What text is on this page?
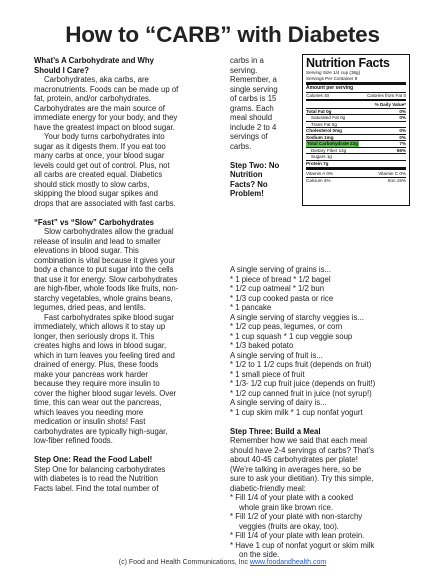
How to “CARB” with Diabetes
What’s A Carbohydrate and Why
Should I Care?
Carbohydrates, aka carbs, are
macronutrients. Foods can be made up of
fat, protein, and/or carbohydrates.
Carbohydrates are the main source of
immediate energy for your body, and they
have the greatest impact on blood sugar.
Your body turns carbohydrates into
sugar as it digests them. If you eat too
many carbs at once, your blood sugar
levels could get out of control. Plus, not
all carbs are created equal. Diabetics
should stick mostly to slow carbs,
skipping the blood sugar spikes and
drops that are associated with fast carbs.
“Fast” vs “Slow” Carbohydrates
Slow carbohydrates allow the gradual
release of insulin and lead to smaller
elevations in blood sugar. This
combination is vital because it gives your
body a chance to put sugar into the cells
that use it for energy. Slow carbohydrates
are high-fiber, whole foods like fruits, non-
starchy vegetables, whole grains beans,
legumes, dried peas, and lentils.
Fast carbohydrates spike blood sugar
immediately, which allows it to stay up
longer, then seriously drops it. This
creates highs and lows in blood sugar,
which in turn leaves you feeling tired and
drained of energy. Plus, these foods
make your pancreas work harder
because they require more insulin to
cover the higher blood sugar levels. Over
time, this can wear out the pancreas,
which leaves you needing more
medication or insulin shots! Fast
carbohydrates are typically high-sugar,
low-fiber refined foods.
Step One: Read the Food Label!
Step One for balancing carbohydrates
with diabetes is to read the Nutrition
Facts label. Find the total number of
carbs in a
serving.
Remember, a
single serving
of carbs is 15
grams. Each
meal should
include 2 to 4
servings of
carbs.
Step Two: No
Nutrition
Facts? No
Problem!
Nutrition Facts
Serving Size 1/4 cup (36g)
Servings Per Container 8
Amount per serving
Calories 40	Calories from Fat 0
% Daily Value*
Total Fat 0g	0%
Saturated Fat 0g	0%
Trans Fat 0g
Cholesterol 0mg	0%
Sodium 1mg	0%
Total Carbohydrate 22g	7%
Dietary Fiber 14g	56%
Sugars 1g
Protein 7g
Vitamin A 0%	Vitamin C 0%
Calcium 4%	Iron 15%
A single serving of grains is...
* 1 piece of bread * 1/2 bagel
* 1/2 cup oatmeal * 1/2 bun
* 1/3 cup cooked pasta or rice
* 1 pancake
A single serving of starchy veggies is...
* 1/2 cup peas, legumes, or corn
* 1 cup squash * 1 cup veggie soup
* 1/3 baked potato
A single serving of fruit is...
* 1/2 to 1 1/2 cups fruit (depends on fruit)
* 1 small piece of fruit
* 1/3- 1/2 cup fruit juice (depends on fruit!)
* 1/2 cup canned fruit in juice (not syrup!)
A single serving of dairy is...
* 1 cup skim milk * 1 cup nonfat yogurt
Step Three: Build a Meal
Remember how we said that each meal
should have 2-4 servings of carbs? That’s
about 40-45 carbohydrates per plate!
(We’re talking in averages here, so be
sure to ask your dietitian). Try this simple,
diabetic-friendly meal:
* Fill 1/4 of your plate with a cooked
whole grain like brown rice.
* Fill 1/2 of your plate with non-starchy
veggies (fruits are okay, too).
* Fill 1/4 of your plate with lean protein.
* Have 1 cup of nonfat yogurt or skim milk
on the side.
(c) Food and Health Communications, Inc www.foodandhealth.com
